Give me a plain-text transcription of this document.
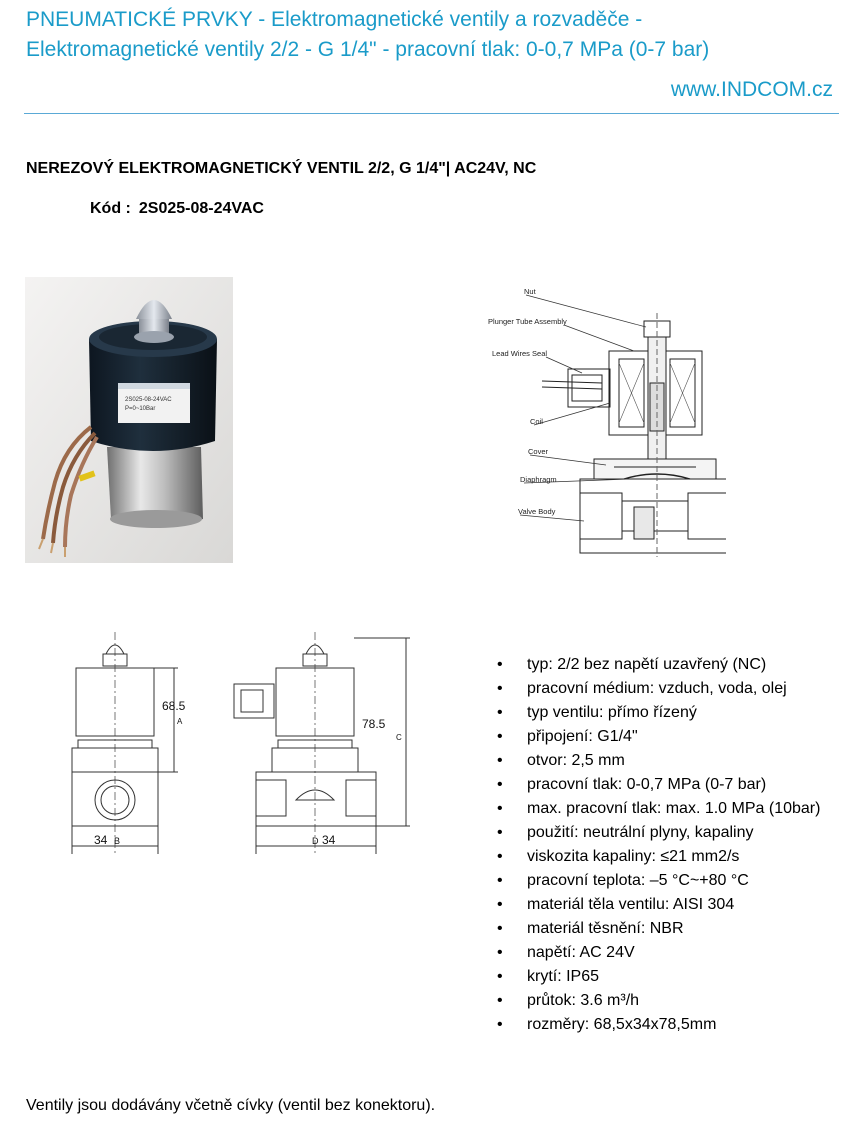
PNEUMATICKÉ PRVKY - Elektromagnetické ventily a rozvaděče -
Elektromagnetické ventily 2/2 - G 1/4" - pracovní tlak: 0-0,7 MPa (0-7 bar)
www.INDCOM.cz
NEREZOVÝ ELEKTROMAGNETICKÝ VENTIL 2/2, G 1/4"| AC24V, NC
Kód : 2S025-08-24VAC
2S025-08-24VAC
P=0~10Bar
Nut
Plunger Tube Assembly
Lead Wires Seal
Coil
Cover
Diaphragm
Valve Body
68.5
A	78.5
C
34 B	D 34
• typ: 2/2 bez napětí uzavřený (NC)
• pracovní médium: vzduch, voda, olej
• typ ventilu: přímo řízený
• připojení: G1/4"
• otvor: 2,5 mm
• pracovní tlak: 0-0,7 MPa (0-7 bar)
• max. pracovní tlak: max. 1.0 MPa (10bar)
• použití: neutrální plyny, kapaliny
• viskozita kapaliny: ≤21 mm2/s
• pracovní teplota: –5 °C~+80 °C
• materiál těla ventilu: AISI 304
• materiál těsnění: NBR
• napětí: AC 24V
• krytí: IP65
• průtok: 3.6 m³/h
• rozměry: 68,5x34x78,5mm
Ventily jsou dodávány včetně cívky (ventil bez konektoru).
